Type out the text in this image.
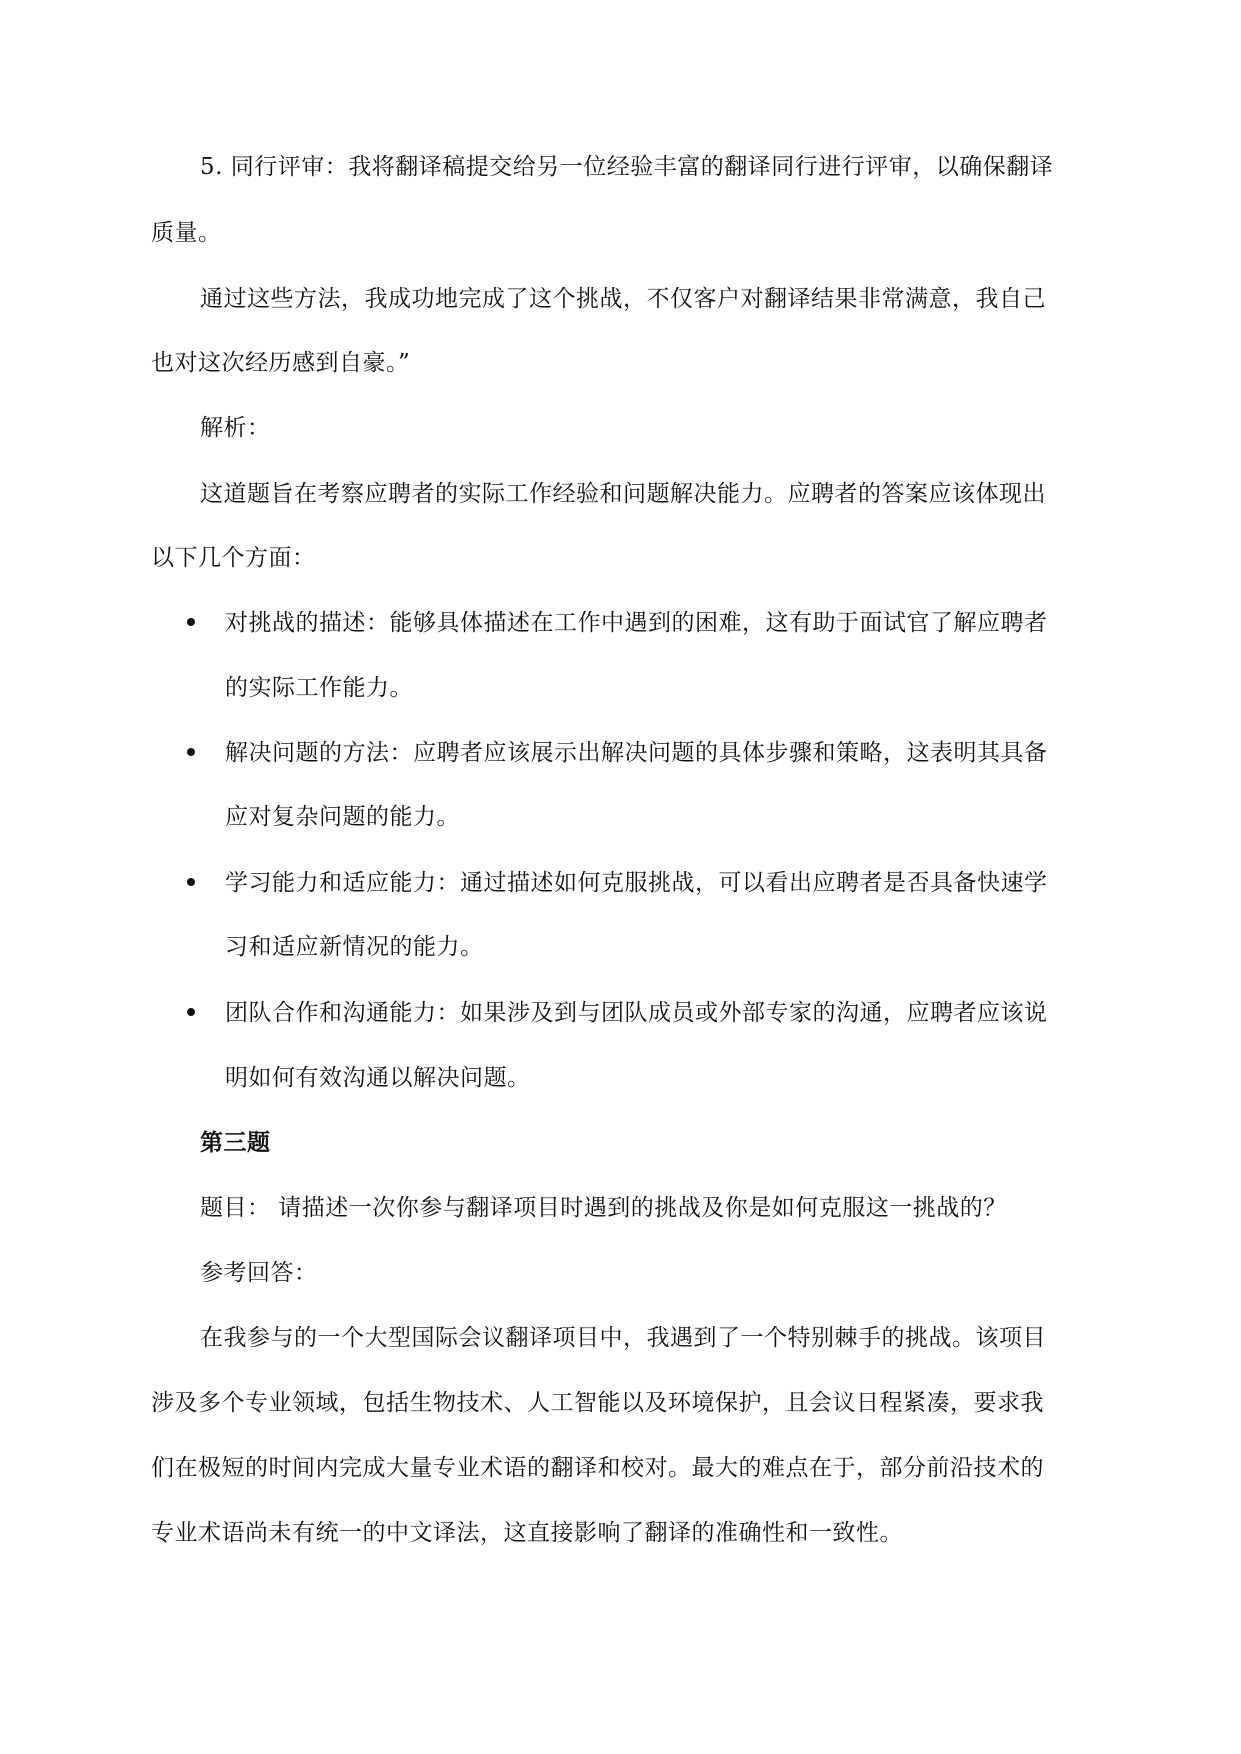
5. 同行评审：我将翻译稿提交给另一位经验丰富的翻译同行进行评审，以确保翻译
质量。
通过这些方法，我成功地完成了这个挑战，不仅客户对翻译结果非常满意，我自己
也对这次经历感到自豪。”
解析：
这道题旨在考察应聘者的实际工作经验和问题解决能力。应聘者的答案应该体现出
以下几个方面：
对挑战的描述：能够具体描述在工作中遇到的困难，这有助于面试官了解应聘者
的实际工作能力。
解决问题的方法：应聘者应该展示出解决问题的具体步骤和策略，这表明其具备
应对复杂问题的能力。
学习能力和适应能力：通过描述如何克服挑战，可以看出应聘者是否具备快速学
习和适应新情况的能力。
团队合作和沟通能力：如果涉及到与团队成员或外部专家的沟通，应聘者应该说
明如何有效沟通以解决问题。
第三题
题目： 请描述一次你参与翻译项目时遇到的挑战及你是如何克服这一挑战的？
参考回答：
在我参与的一个大型国际会议翻译项目中，我遇到了一个特别棘手的挑战。该项目
涉及多个专业领域，包括生物技术、人工智能以及环境保护，且会议日程紧凑，要求我
们在极短的时间内完成大量专业术语的翻译和校对。最大的难点在于，部分前沿技术的
专业术语尚未有统一的中文译法，这直接影响了翻译的准确性和一致性。
